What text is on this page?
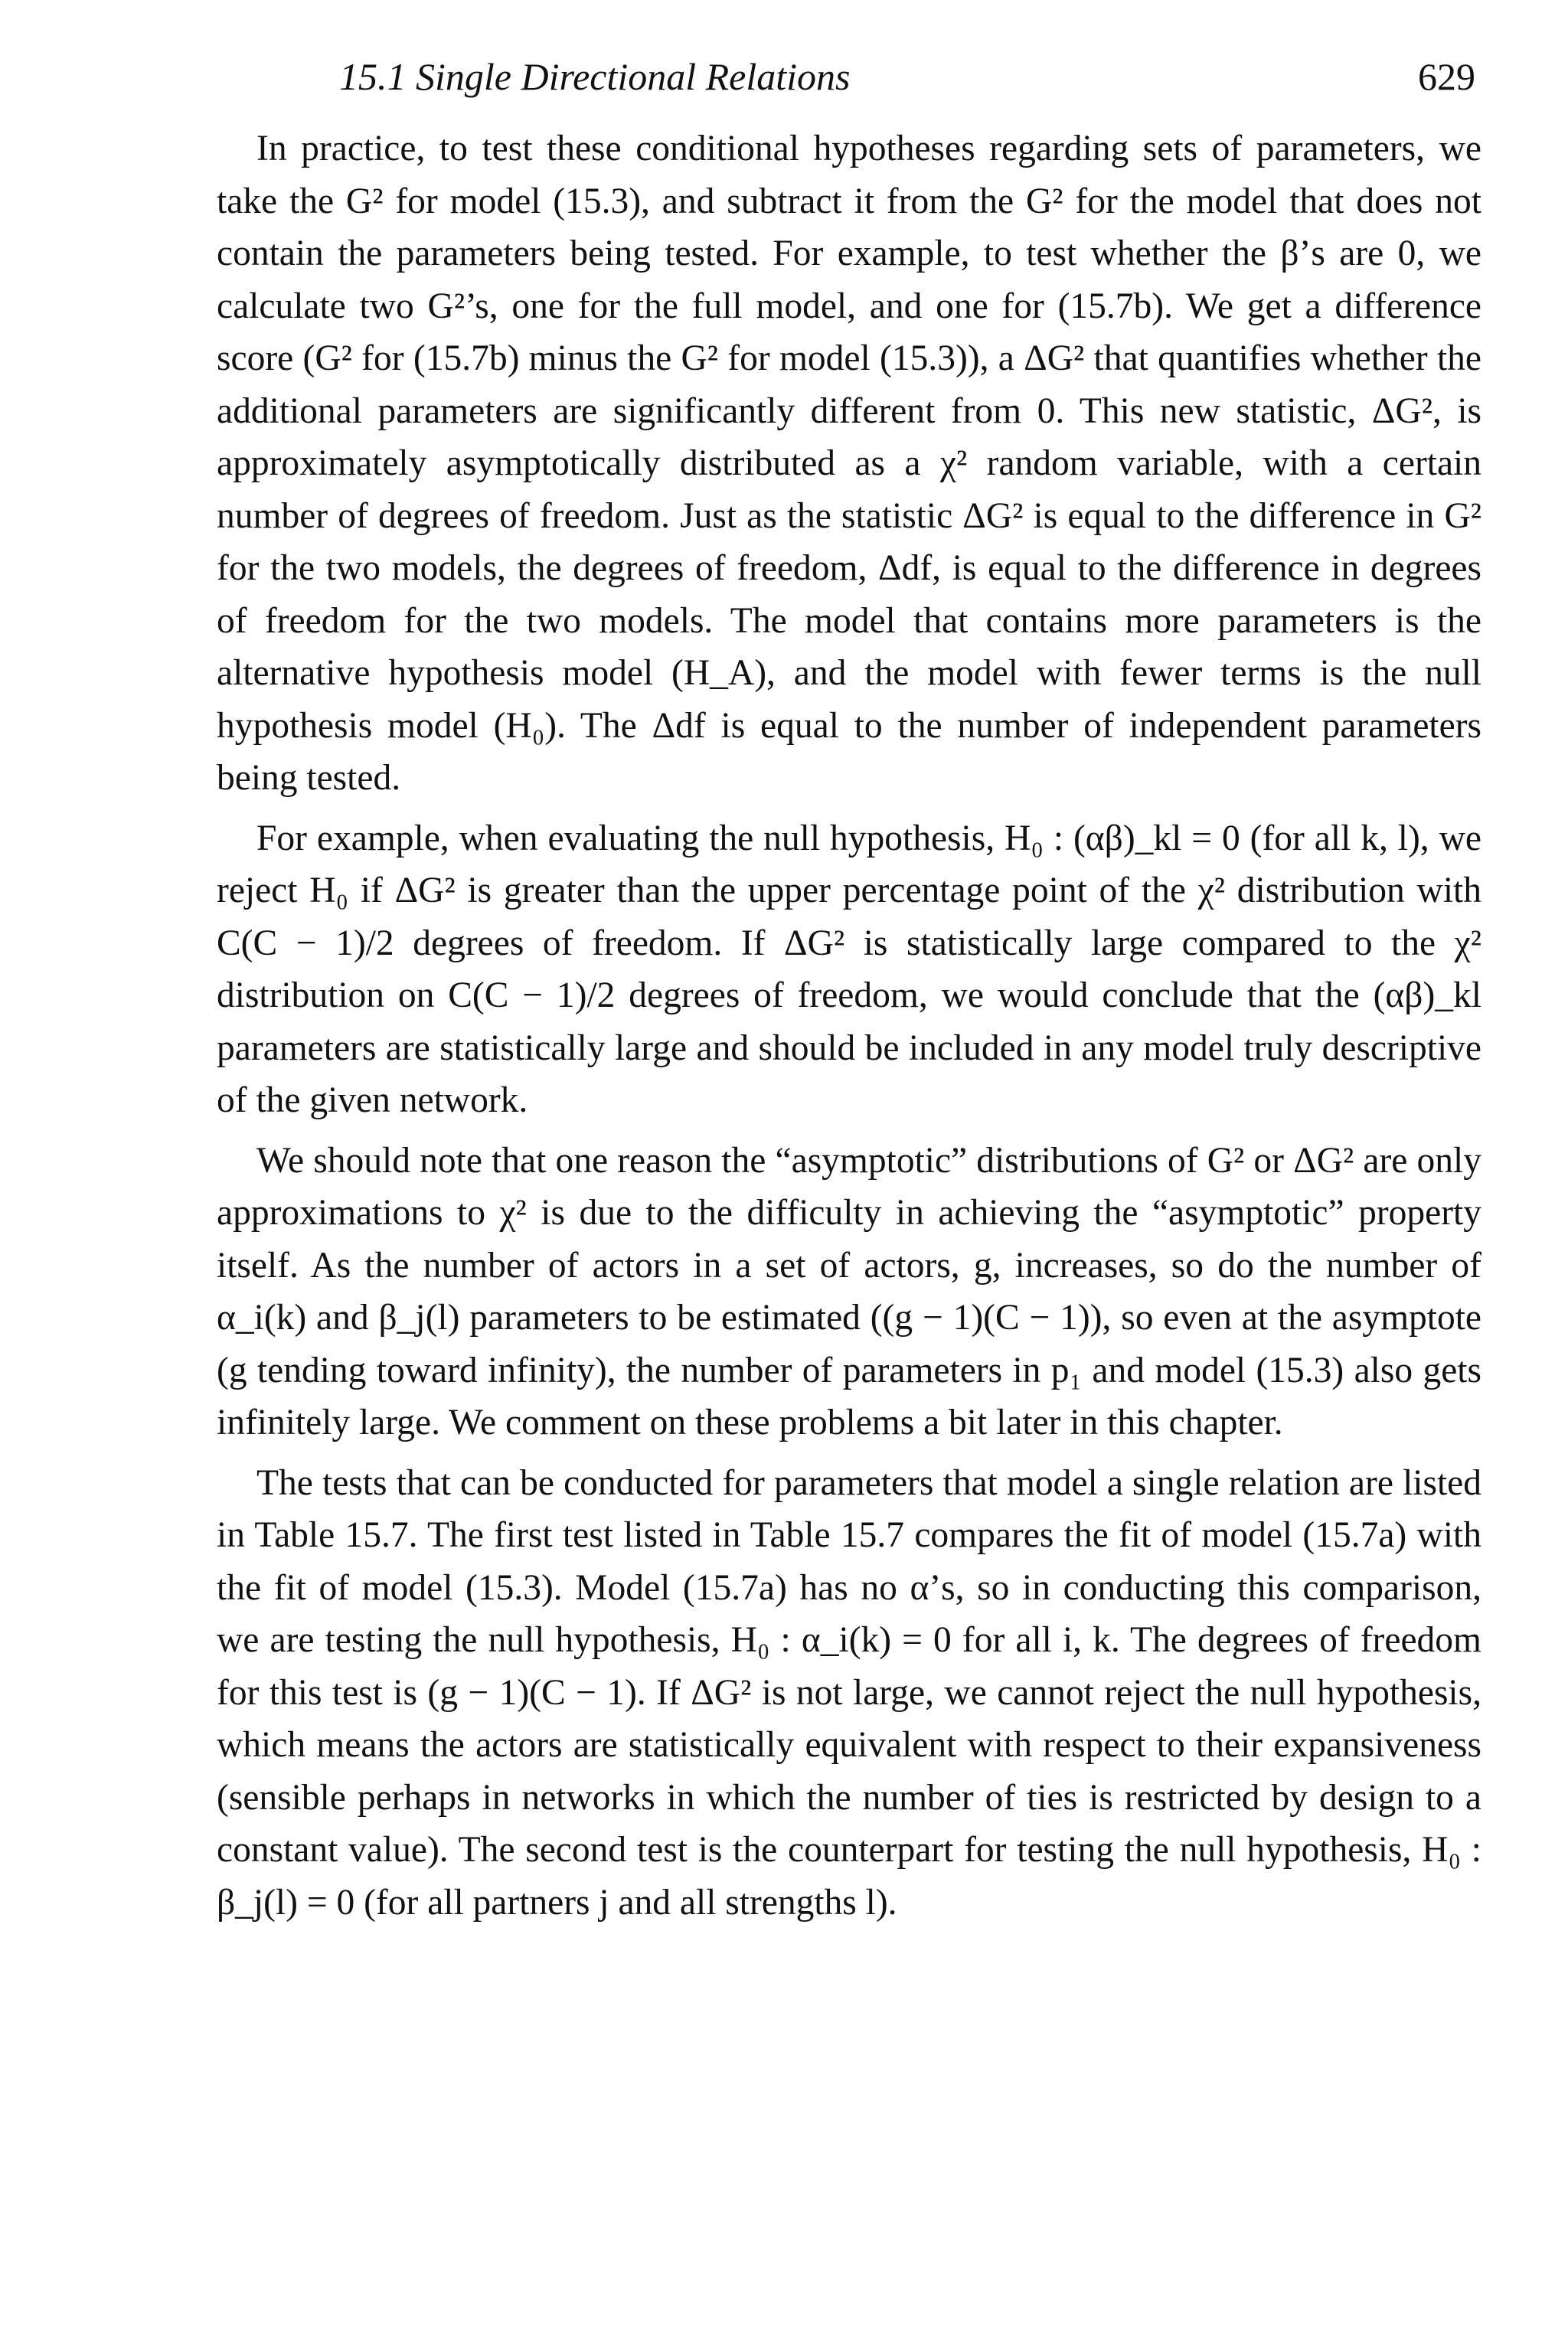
15.1 Single Directional Relations	629

In practice, to test these conditional hypotheses regarding sets of parameters, we take the G² for model (15.3), and subtract it from the G² for the model that does not contain the parameters being tested. For example, to test whether the β’s are 0, we calculate two G²’s, one for the full model, and one for (15.7b). We get a difference score (G² for (15.7b) minus the G² for model (15.3)), a ΔG² that quantifies whether the additional parameters are significantly different from 0. This new statistic, ΔG², is approximately asymptotically distributed as a χ² random variable, with a certain number of degrees of freedom. Just as the statistic ΔG² is equal to the difference in G² for the two models, the degrees of freedom, Δdf, is equal to the difference in degrees of freedom for the two models. The model that contains more parameters is the alternative hypothesis model (H_A), and the model with fewer terms is the null hypothesis model (H₀). The Δdf is equal to the number of independent parameters being tested.

For example, when evaluating the null hypothesis, H₀ : (αβ)_kl = 0 (for all k, l), we reject H₀ if ΔG² is greater than the upper percentage point of the χ² distribution with C(C − 1)/2 degrees of freedom. If ΔG² is statistically large compared to the χ² distribution on C(C − 1)/2 degrees of freedom, we would conclude that the (αβ)_kl parameters are statistically large and should be included in any model truly descriptive of the given network.

We should note that one reason the “asymptotic” distributions of G² or ΔG² are only approximations to χ² is due to the difficulty in achieving the “asymptotic” property itself. As the number of actors in a set of actors, g, increases, so do the number of α_i(k) and β_j(l) parameters to be estimated ((g − 1)(C − 1)), so even at the asymptote (g tending toward infinity), the number of parameters in p₁ and model (15.3) also gets infinitely large. We comment on these problems a bit later in this chapter.

The tests that can be conducted for parameters that model a single relation are listed in Table 15.7. The first test listed in Table 15.7 compares the fit of model (15.7a) with the fit of model (15.3). Model (15.7a) has no α’s, so in conducting this comparison, we are testing the null hypothesis, H₀ : α_i(k) = 0 for all i, k. The degrees of freedom for this test is (g − 1)(C − 1). If ΔG² is not large, we cannot reject the null hypothesis, which means the actors are statistically equivalent with respect to their expansiveness (sensible perhaps in networks in which the number of ties is restricted by design to a constant value). The second test is the counterpart for testing the null hypothesis, H₀ : β_j(l) = 0 (for all partners j and all strengths l).
